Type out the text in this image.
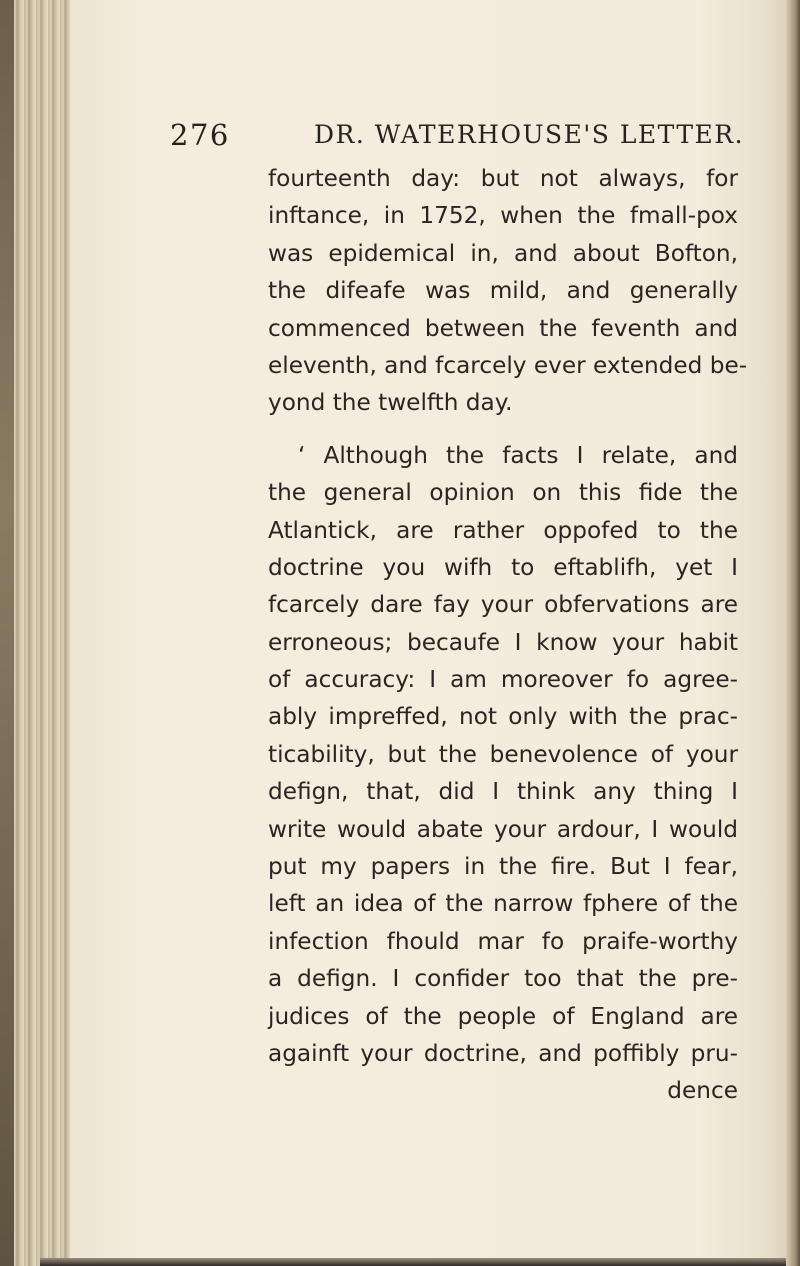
276	DR. WATERHOUSE'S LETTER.
fourteenth day: but not always, for
inftance, in 1752, when the fmall-pox
was epidemical in, and about Bofton,
the difeafe was mild, and generally
commenced between the feventh and
eleventh, and fcarcely ever extended be-
yond the twelfth day.
‘ Although the facts I relate, and
the general opinion on this fide the
Atlantick, are rather oppofed to the
doctrine you wifh to eftablifh, yet I
fcarcely dare fay your obfervations are
erroneous; becaufe I know your habit
of accuracy: I am moreover fo agree-
ably impreffed, not only with the prac-
ticability, but the benevolence of your
defign, that, did I think any thing I
write would abate your ardour, I would
put my papers in the fire. But I fear,
left an idea of the narrow fphere of the
infection fhould mar fo praife-worthy
a defign. I confider too that the pre-
judices of the people of England are
againft your doctrine, and poffibly pru-
dence
